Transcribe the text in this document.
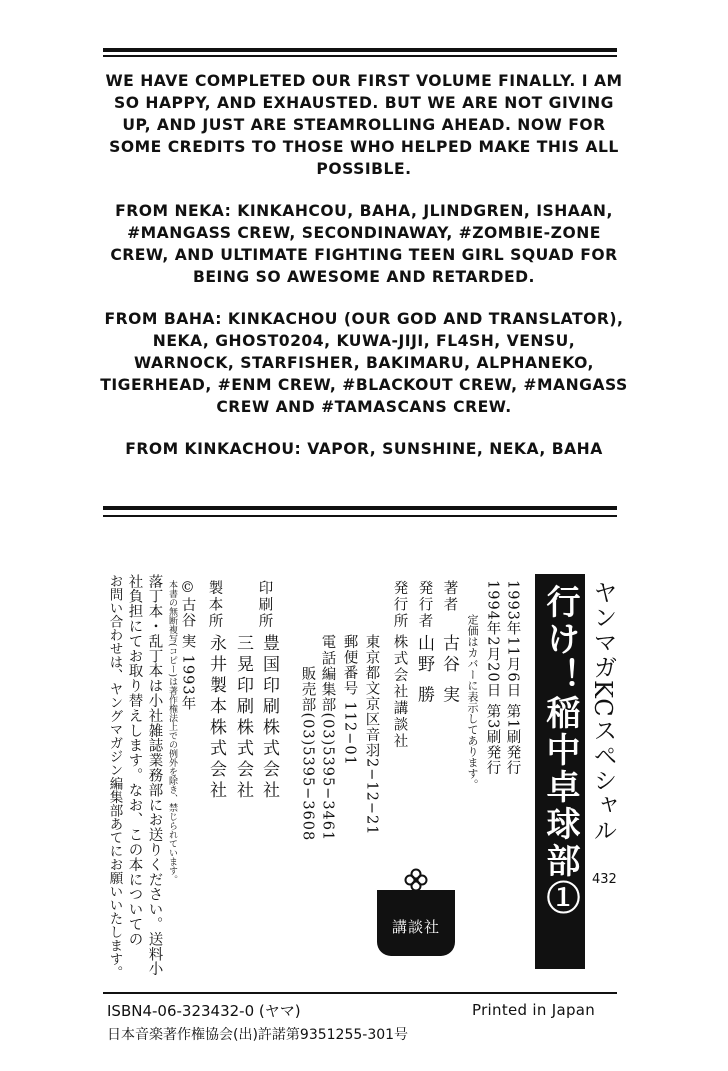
WE HAVE COMPLETED OUR FIRST VOLUME FINALLY. I AM SO HAPPY, AND EXHAUSTED. BUT WE ARE NOT GIVING UP, AND JUST ARE STEAMROLLING AHEAD. NOW FOR SOME CREDITS TO THOSE WHO HELPED MAKE THIS ALL POSSIBLE.

FROM NEKA: KINKAHCOU, BAHA, JLINDGREN, ISHAAN, #MANGASS CREW, SECONDINAWAY, #ZOMBIE-ZONE CREW, AND ULTIMATE FIGHTING TEEN GIRL SQUAD FOR BEING SO AWESOME AND RETARDED.

FROM BAHA: KINKACHOU (OUR GOD AND TRANSLATOR), NEKA, GHOST0204, KUWA-JIJI, FL4SH, VENSU, WARNOCK, STARFISHER, BAKIMARU, ALPHANEKO, TIGERHEAD, #ENM CREW, #BLACKOUT CREW, #MANGASS CREW AND #TAMASCANS CREW.

FROM KINKACHOU: VAPOR, SUNSHINE, NEKA, BAHA

ヤンマガKCスペシャル
432
行け！稲中卓球部①
1993年11月6日 第1刷発行
1994年2月20日 第3刷発行
定価はカバーに表示してあります。
著者
古谷 実
発行者
山野 勝
発行所
株式会社講談社
東京都文京区音羽2−12−21
郵便番号 112−01
電話
編集部(03)5395−3461
販売部(03)5395−3608
講談社
印刷所
豊国印刷株式会社
三晃印刷株式会社
製本所
永井製本株式会社
©古谷 実 1993年
本書の無断複写(コピー)は著作権法上での例外を除き、禁じられています。
落丁本・乱丁本は小社雑誌業務部にお送りください。送料小
社負担にてお取り替えします。なお、この本についての
お問い合わせは、ヤングマガジン編集部あてにお願いいたします。
ISBN4-06-323432-0 (ヤマ)	Printed in Japan
日本音楽著作権協会(出)許諾第9351255-301号
